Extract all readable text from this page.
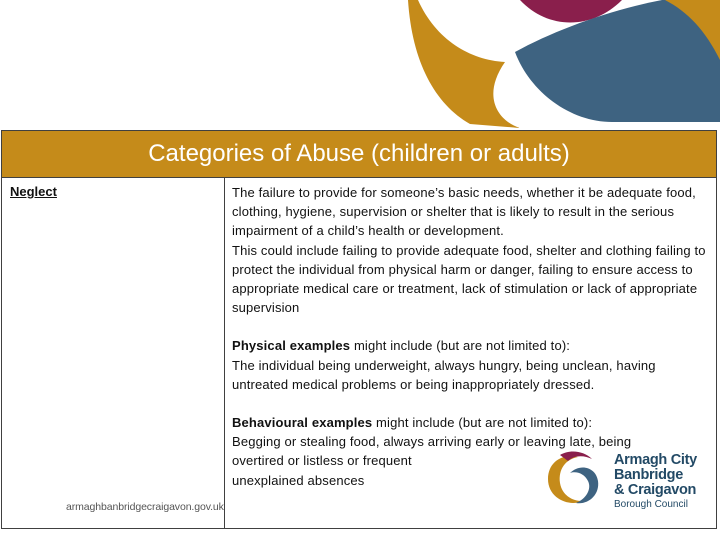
Categories of Abuse (children or adults)
Neglect	The failure to provide for someone’s basic needs, whether it be adequate food, clothing, hygiene, supervision or shelter that is likely to result in the serious impairment of a child’s health or development.

This could include failing to provide adequate food, shelter and clothing failing to protect the individual from physical harm or danger, failing to ensure access to appropriate medical care or treatment, lack of stimulation or lack of appropriate supervision

Physical examples might include (but are not limited to):

The individual being underweight, always hungry, being unclean, having untreated medical problems or being inappropriately dressed.

Behavioural examples might include (but are not limited to):

Begging or stealing food, always arriving early or leaving late, being

overtired or listless or frequent

unexplained absences

armaghbanbridgecraigavon.gov.uk
Armagh City
Banbridge
& Craigavon
Borough Council
